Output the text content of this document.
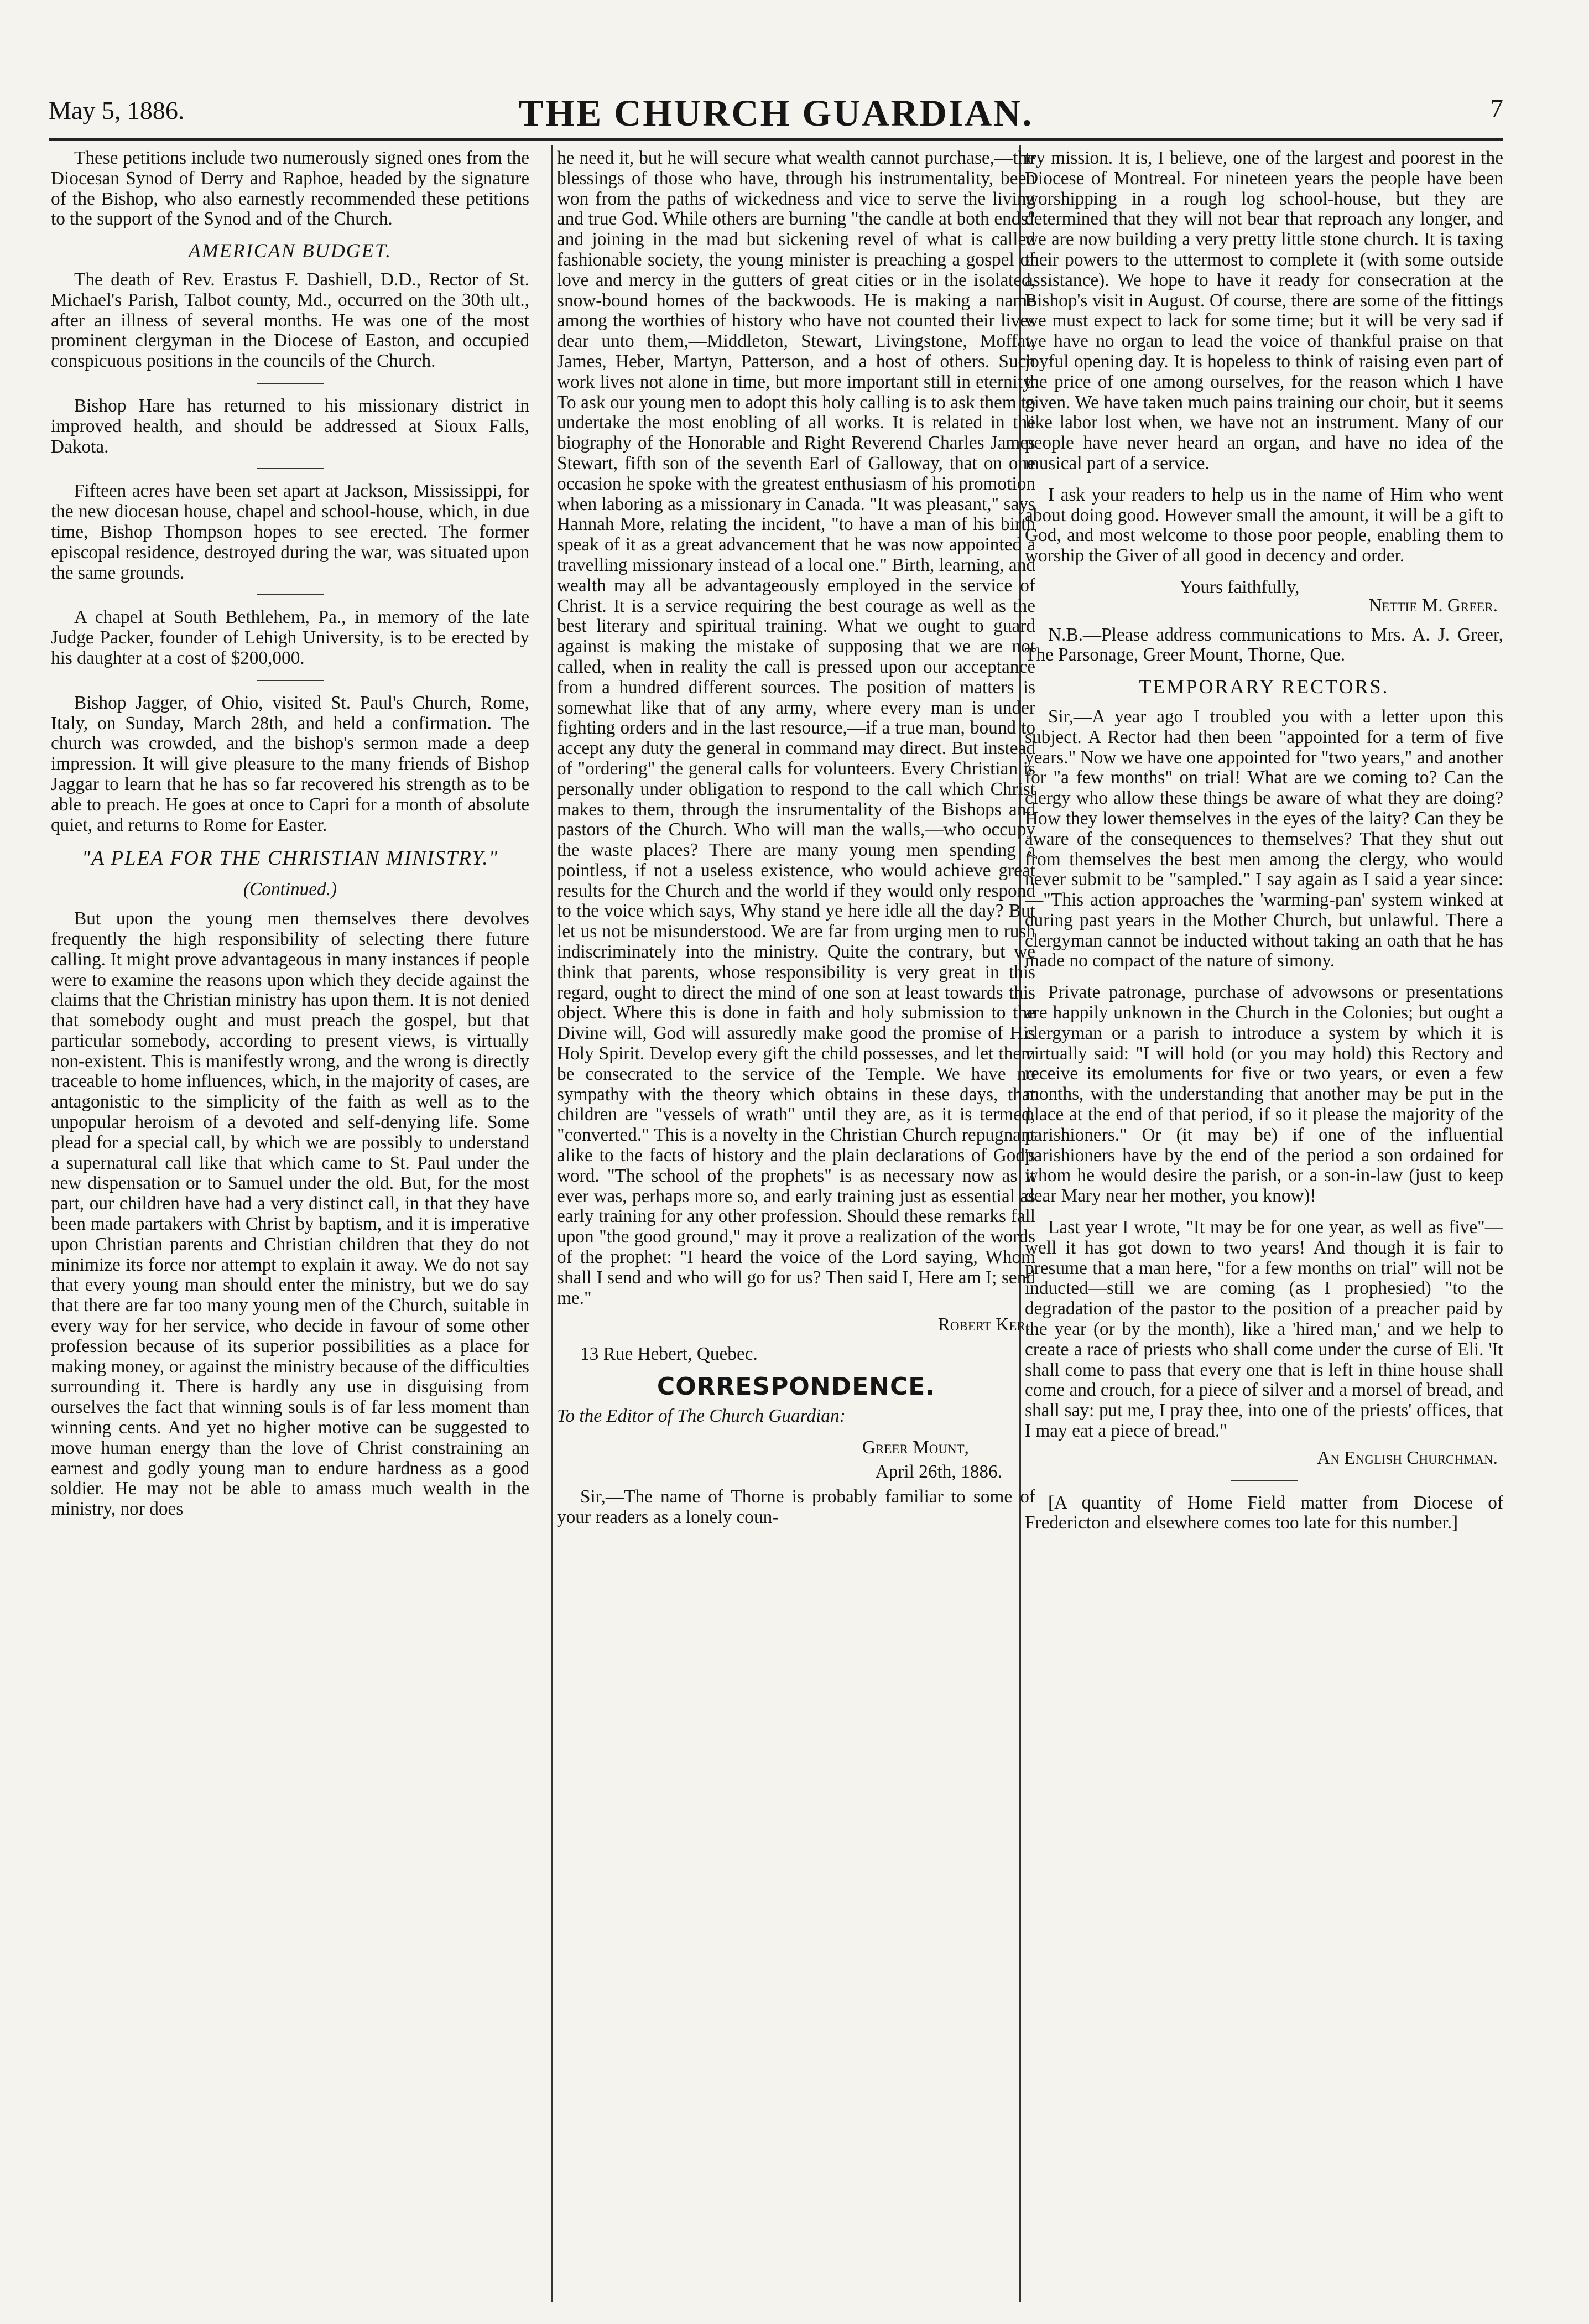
May 5, 1886.	THE CHURCH GUARDIAN.	7

These petitions include two numerously signed ones from the Diocesan Synod of Derry and Raphoe, headed by the signature of the Bishop, who also earnestly recommended these petitions to the support of the Synod and of the Church.

AMERICAN BUDGET.

The death of Rev. Erastus F. Dashiell, D.D., Rector of St. Michael's Parish, Talbot county, Md., occurred on the 30th ult., after an illness of several months. He was one of the most prominent clergyman in the Diocese of Easton, and occupied conspicuous positions in the councils of the Church.

Bishop Hare has returned to his missionary district in improved health, and should be addressed at Sioux Falls, Dakota.

Fifteen acres have been set apart at Jackson, Mississippi, for the new diocesan house, chapel and school-house, which, in due time, Bishop Thompson hopes to see erected. The former episcopal residence, destroyed during the war, was situated upon the same grounds.

A chapel at South Bethlehem, Pa., in memory of the late Judge Packer, founder of Lehigh University, is to be erected by his daughter at a cost of $200,000.

Bishop Jagger, of Ohio, visited St. Paul's Church, Rome, Italy, on Sunday, March 28th, and held a confirmation. The church was crowded, and the bishop's sermon made a deep impression. It will give pleasure to the many friends of Bishop Jaggar to learn that he has so far recovered his strength as to be able to preach. He goes at once to Capri for a month of absolute quiet, and returns to Rome for Easter.

"A PLEA FOR THE CHRISTIAN MINISTRY."
(Continued.)

But upon the young men themselves there devolves frequently the high responsibility of selecting there future calling. It might prove advantageous in many instances if people were to examine the reasons upon which they decide against the claims that the Christian ministry has upon them. It is not denied that somebody ought and must preach the gospel, but that particular somebody, according to present views, is virtually non-existent. This is manifestly wrong, and the wrong is directly traceable to home influences, which, in the majority of cases, are antagonistic to the simplicity of the faith as well as to the unpopular heroism of a devoted and self-denying life. Some plead for a special call, by which we are possibly to understand a supernatural call like that which came to St. Paul under the new dispensation or to Samuel under the old. But, for the most part, our children have had a very distinct call, in that they have been made partakers with Christ by baptism, and it is imperative upon Christian parents and Christian children that they do not minimize its force nor attempt to explain it away. We do not say that every young man should enter the ministry, but we do say that there are far too many young men of the Church, suitable in every way for her service, who decide in favour of some other profession because of its superior possibilities as a place for making money, or against the ministry because of the difficulties surrounding it. There is hardly any use in disguising from ourselves the fact that winning souls is of far less moment than winning cents. And yet no higher motive can be suggested to move human energy than the love of Christ constraining an earnest and godly young man to endure hardness as a good soldier. He may not be able to amass much wealth in the ministry, nor does

he need it, but he will secure what wealth cannot purchase,—the blessings of those who have, through his instrumentality, been won from the paths of wickedness and vice to serve the living and true God. While others are burning "the candle at both ends" and joining in the mad but sickening revel of what is called fashionable society, the young minister is preaching a gospel of love and mercy in the gutters of great cities or in the isolated, snow-bound homes of the backwoods. He is making a name among the worthies of history who have not counted their lives dear unto them,—Middleton, Stewart, Livingstone, Moffat, James, Heber, Martyn, Patterson, and a host of others. Such work lives not alone in time, but more important still in eternity. To ask our young men to adopt this holy calling is to ask them to undertake the most enobling of all works. It is related in the biography of the Honorable and Right Reverend Charles James Stewart, fifth son of the seventh Earl of Galloway, that on one occasion he spoke with the greatest enthusiasm of his promotion when laboring as a missionary in Canada. "It was pleasant," says Hannah More, relating the incident, "to have a man of his birth speak of it as a great advancement that he was now appointed a travelling missionary instead of a local one." Birth, learning, and wealth may all be advantageously employed in the service of Christ. It is a service requiring the best courage as well as the best literary and spiritual training. What we ought to guard against is making the mistake of supposing that we are not called, when in reality the call is pressed upon our acceptance from a hundred different sources. The position of matters is somewhat like that of any army, where every man is under fighting orders and in the last resource,—if a true man, bound to accept any duty the general in command may direct. But instead of "ordering" the general calls for volunteers. Every Christian is personally under obligation to respond to the call which Christ makes to them, through the insrumentality of the Bishops and pastors of the Church. Who will man the walls,—who occupy the waste places? There are many young men spending a pointless, if not a useless existence, who would achieve great results for the Church and the world if they would only respond to the voice which says, Why stand ye here idle all the day? But let us not be misunderstood. We are far from urging men to rush indiscriminately into the ministry. Quite the contrary, but we think that parents, whose responsibility is very great in this regard, ought to direct the mind of one son at least towards this object. Where this is done in faith and holy submission to the Divine will, God will assuredly make good the promise of His Holy Spirit. Develop every gift the child possesses, and let them be consecrated to the service of the Temple. We have no sympathy with the theory which obtains in these days, that children are "vessels of wrath" until they are, as it is termed, "converted." This is a novelty in the Christian Church repugnant alike to the facts of history and the plain declarations of God's word. "The school of the prophets" is as necessary now as it ever was, perhaps more so, and early training just as essential as early training for any other profession. Should these remarks fall upon "the good ground," may it prove a realization of the words of the prophet: "I heard the voice of the Lord saying, Whom shall I send and who will go for us? Then said I, Here am I; send me."

Robert Ker.

13 Rue Hebert, Quebec.

CORRESPONDENCE.

To the Editor of The Church Guardian:

Greer Mount,
April 26th, 1886.

Sir,—The name of Thorne is probably familiar to some of your readers as a lonely coun-

try mission. It is, I believe, one of the largest and poorest in the Diocese of Montreal. For nineteen years the people have been worshipping in a rough log school-house, but they are determined that they will not bear that reproach any longer, and we are now building a very pretty little stone church. It is taxing their powers to the uttermost to complete it (with some outside assistance). We hope to have it ready for consecration at the Bishop's visit in August. Of course, there are some of the fittings we must expect to lack for some time; but it will be very sad if we have no organ to lead the voice of thankful praise on that joyful opening day. It is hopeless to think of raising even part of the price of one among ourselves, for the reason which I have given. We have taken much pains training our choir, but it seems like labor lost when, we have not an instrument. Many of our people have never heard an organ, and have no idea of the musical part of a service.

I ask your readers to help us in the name of Him who went about doing good. However small the amount, it will be a gift to God, and most welcome to those poor people, enabling them to worship the Giver of all good in decency and order.

Yours faithfully,
Nettie M. Greer.

N.B.—Please address communications to Mrs. A. J. Greer, The Parsonage, Greer Mount, Thorne, Que.

TEMPORARY RECTORS.

Sir,—A year ago I troubled you with a letter upon this subject. A Rector had then been "appointed for a term of five years." Now we have one appointed for "two years," and another for "a few months" on trial! What are we coming to? Can the clergy who allow these things be aware of what they are doing? How they lower themselves in the eyes of the laity? Can they be aware of the consequences to themselves? That they shut out from themselves the best men among the clergy, who would never submit to be "sampled." I say again as I said a year since:—"This action approaches the 'warming-pan' system winked at during past years in the Mother Church, but unlawful. There a clergyman cannot be inducted without taking an oath that he has made no compact of the nature of simony.

Private patronage, purchase of advowsons or presentations are happily unknown in the Church in the Colonies; but ought a clergyman or a parish to introduce a system by which it is virtually said: "I will hold (or you may hold) this Rectory and receive its emoluments for five or two years, or even a few months, with the understanding that another may be put in the place at the end of that period, if so it please the majority of the parishioners." Or (it may be) if one of the influential parishioners have by the end of the period a son ordained for whom he would desire the parish, or a son-in-law (just to keep dear Mary near her mother, you know)!

Last year I wrote, "It may be for one year, as well as five"—well it has got down to two years! And though it is fair to presume that a man here, "for a few months on trial" will not be inducted—still we are coming (as I prophesied) "to the degradation of the pastor to the position of a preacher paid by the year (or by the month), like a 'hired man,' and we help to create a race of priests who shall come under the curse of Eli. 'It shall come to pass that every one that is left in thine house shall come and crouch, for a piece of silver and a morsel of bread, and shall say: put me, I pray thee, into one of the priests' offices, that I may eat a piece of bread."

An English Churchman.

[A quantity of Home Field matter from Diocese of Fredericton and elsewhere comes too late for this number.]
